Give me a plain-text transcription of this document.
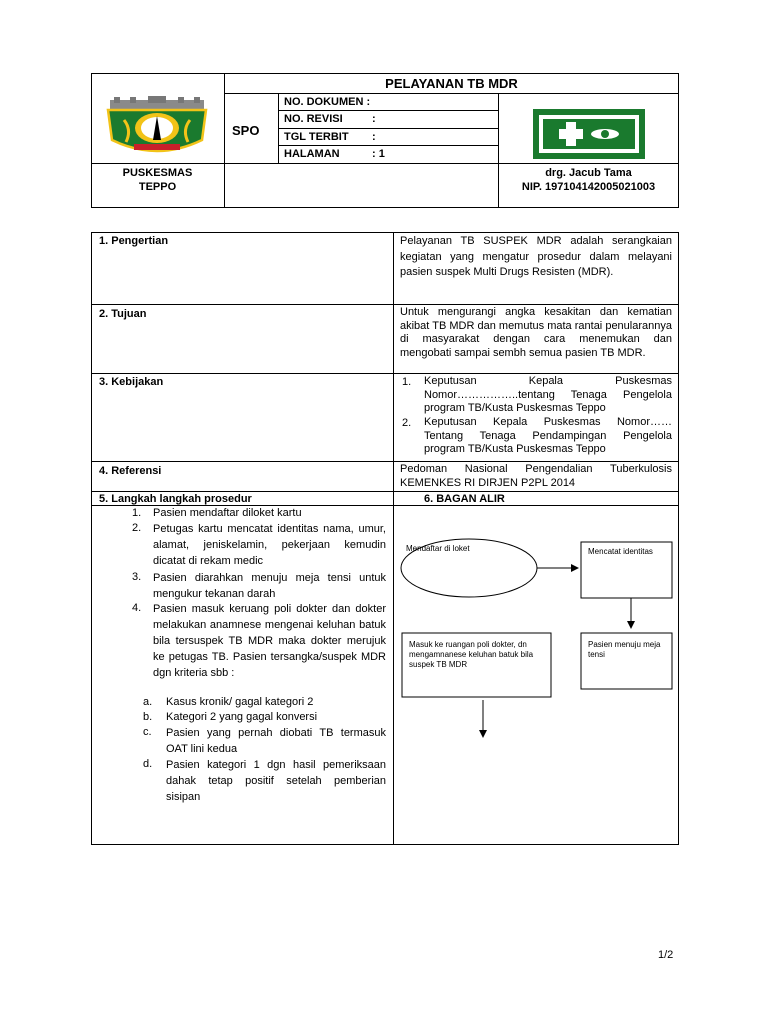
PUSKESMAS
TEPPO
PELAYANAN TB MDR
SPO
NO. DOKUMEN :
NO. REVISI	:
TGL TERBIT :
HALAMAN	: 1
drg. Jacub Tama
NIP. 197104142005021003
1. Pengertian	Pelayanan TB SUSPEK MDR adalah serangkaian kegiatan yang mengatur prosedur dalam melayani pasien suspek Multi Drugs Resisten (MDR).
2. Tujuan	Untuk mengurangi angka kesakitan dan kematian akibat TB MDR dan memutus mata rantai penularannya di masyarakat dengan cara menemukan dan mengobati sampai sembh semua pasien TB MDR.
3. Kebijakan	1. Keputusan Kepala Puskesmas Nomor……………..tentang Tenaga Pengelola program TB/Kusta Puskesmas Teppo
2. Keputusan Kepala Puskesmas Nomor…… Tentang Tenaga Pendampingan Pengelola program TB/Kusta Puskesmas Teppo
4. Referensi	Pedoman Nasional Pengendalian Tuberkulosis KEMENKES RI DIRJEN P2PL 2014
5. Langkah langkah prosedur	6. BAGAN ALIR
1. Pasien mendaftar diloket kartu
2. Petugas kartu mencatat identitas nama, umur, alamat, jeniskelamin, pekerjaan kemudin dicatat di rekam medic
3. Pasien diarahkan menuju meja tensi untuk mengukur tekanan darah
4. Pasien masuk keruang poli dokter dan dokter melakukan anamnese mengenai keluhan batuk bila tersuspek TB MDR maka dokter merujuk ke petugas TB. Pasien tersangka/suspek MDR dgn kriteria sbb :
a. Kasus kronik/ gagal kategori 2
b. Kategori 2 yang gagal konversi
c. Pasien yang pernah diobati TB termasuk OAT lini kedua
d. Pasien kategori 1 dgn hasil pemeriksaan dahak tetap positif setelah pemberian sisipan
Mendaftar di loket	Mencatat identitas
Pasien menuju meja tensi
Masuk ke ruangan poli dokter, dn mengamnanese keluhan batuk bila suspek TB MDR
1/2
